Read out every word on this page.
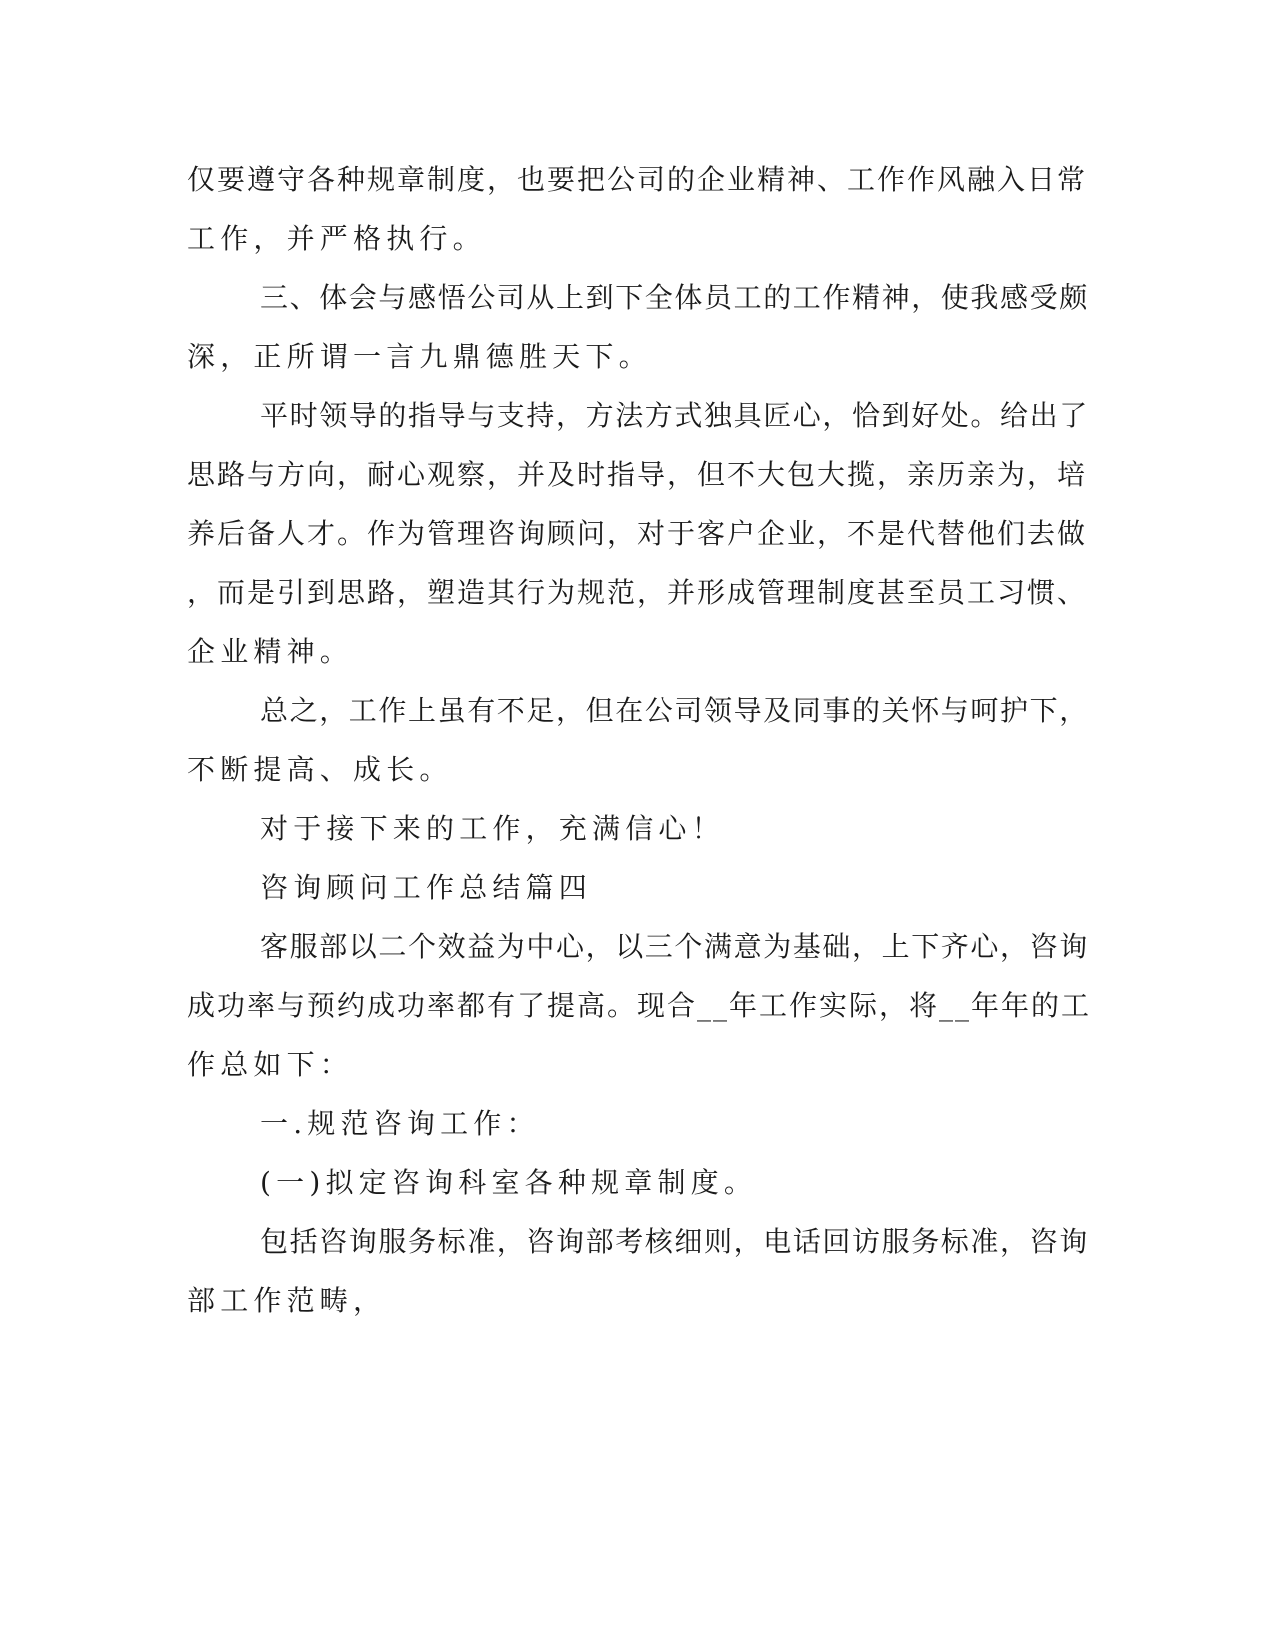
仅要遵守各种规章制度，也要把公司的企业精神、工作作风融入日常

工作，并严格执行。

三、体会与感悟公司从上到下全体员工的工作精神，使我感受颇

深，正所谓一言九鼎德胜天下。

平时领导的指导与支持，方法方式独具匠心，恰到好处。给出了

思路与方向，耐心观察，并及时指导，但不大包大揽，亲历亲为，培

养后备人才。作为管理咨询顾问，对于客户企业，不是代替他们去做

，而是引到思路，塑造其行为规范，并形成管理制度甚至员工习惯、

企业精神。

总之，工作上虽有不足，但在公司领导及同事的关怀与呵护下，

不断提高、成长。

对于接下来的工作，充满信心！

咨询顾问工作总结篇四

客服部以二个效益为中心，以三个满意为基础，上下齐心，咨询

成功率与预约成功率都有了提高。现合__年工作实际，将__年年的工

作总如下：

一.规范咨询工作：

(一)拟定咨询科室各种规章制度。

包括咨询服务标准，咨询部考核细则，电话回访服务标准，咨询

部工作范畴，
